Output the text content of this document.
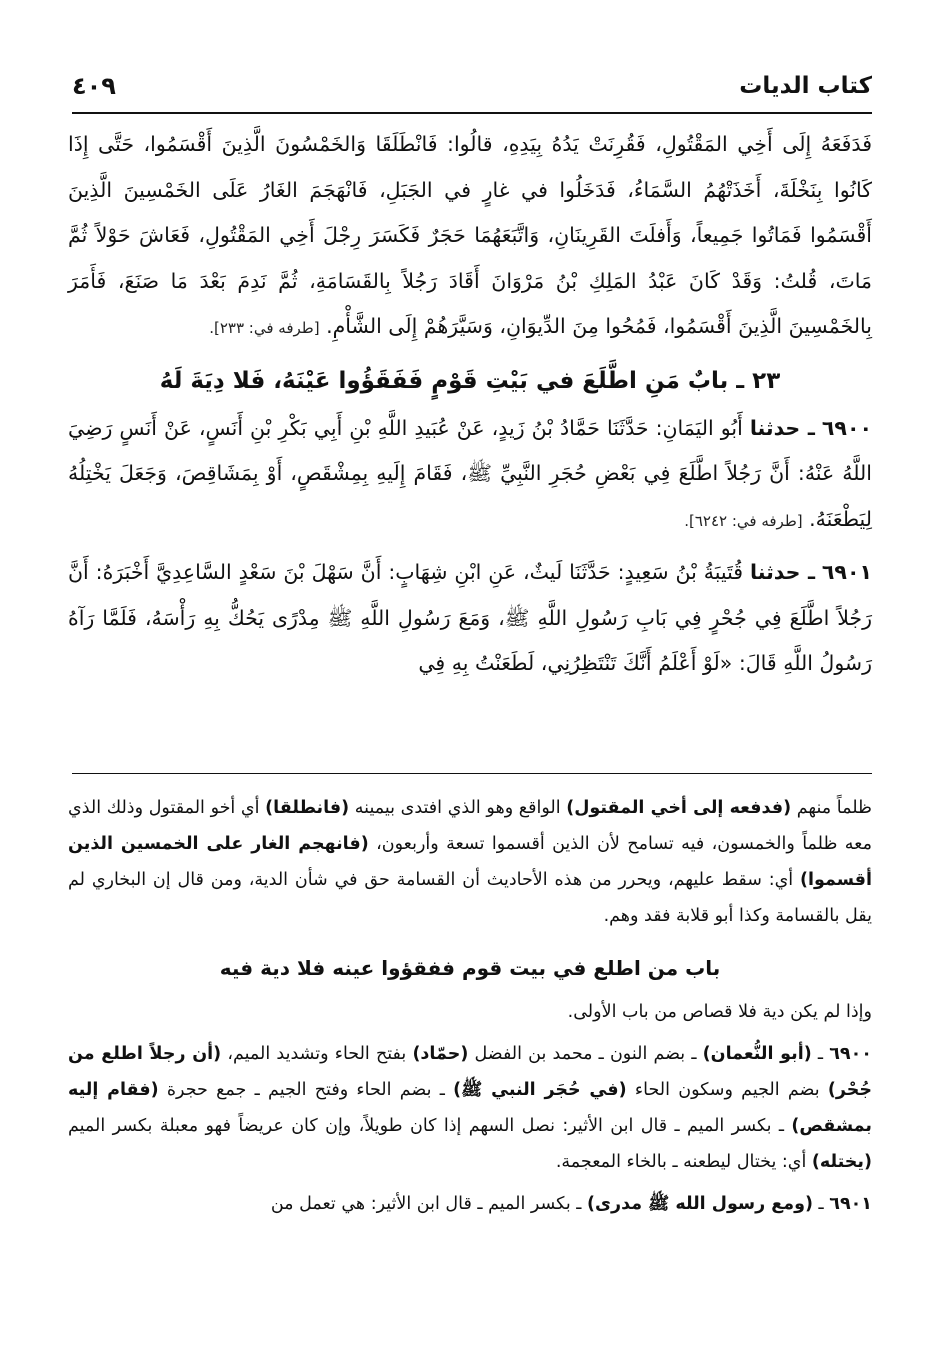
٤٠٩	كتاب الديات

فَدَفَعَهُ إِلَى أَخِي المَقْتُولِ، فَقُرِنَتْ يَدُهُ بِيَدِهِ، قالُوا: فَانْطَلَقَا وَالخَمْسُونَ الَّذِينَ أَقْسَمُوا، حَتَّى إِذَا كَانُوا بِنَخْلَةَ، أَخَذَتْهُمُ السَّمَاءُ، فَدَخَلُوا في غارٍ في الجَبَلِ، فَانْهَجَمَ الغَارُ عَلَى الخَمْسِينَ الَّذِينَ أَقْسَمُوا فَمَاتُوا جَمِيعاً، وَأَفلَتَ القَرِينَانِ، وَاتَّبَعَهُمَا حَجَرٌ فَكَسَرَ رِجْلَ أَخِي المَقْتُولِ، فَعَاشَ حَوْلاً ثُمَّ مَاتَ، قُلتُ: وَقَدْ كَانَ عَبْدُ المَلِكِ بْنُ مَرْوَانَ أَقَادَ رَجُلاً بِالقَسَامَةِ، ثُمَّ نَدِمَ بَعْدَ مَا صَنَعَ، فَأَمَرَ بِالخَمْسِينَ الَّذِينَ أَقْسَمُوا، فَمُحُوا مِنَ الدِّيوَانِ، وَسَيَّرَهُمْ إِلَى الشَّأْمِ. [طرفه في: ٢٣٣].

٢٣ ـ بابٌ مَنِ اطَّلَعَ في بَيْتِ قَوْمٍ فَفَقَؤُوا عَيْنَهُ، فَلا دِيَةَ لَهُ

٦٩٠٠ ـ حدثنا أَبُو اليَمَانِ: حَدَّثَنَا حَمَّادُ بْنُ زَيدٍ، عَنْ عُبَيدِ اللَّهِ بْنِ أَبِي بَكْرِ بْنِ أَنَسٍ، عَنْ أَنَسٍ رَضِيَ اللَّهُ عَنْهُ: أَنَّ رَجُلاً اطَّلَعَ فِي بَعْضِ حُجَرِ النَّبِيِّ ﷺ، فَقَامَ إِلَيهِ بِمِشْقَصٍ، أَوْ بِمَشَاقِصَ، وَجَعَلَ يَخْتِلُهُ لِيَطْعَنَهُ. [طرفه في: ٦٢٤٢].

٦٩٠١ ـ حدثنا قُتَيبَةُ بْنُ سَعِيدٍ: حَدَّثَنَا لَيثٌ، عَنِ ابْنِ شِهَابٍ: أَنَّ سَهْلَ بْنَ سَعْدٍ السَّاعِدِيَّ أَخْبَرَهُ: أَنَّ رَجُلاً اطَّلَعَ فِي جُحْرٍ فِي بَابِ رَسُولِ اللَّهِ ﷺ، وَمَعَ رَسُولِ اللَّهِ ﷺ مِدْرًى يَحُكُّ بِهِ رَأْسَهُ، فَلَمَّا رَآهُ رَسُولُ اللَّهِ قَالَ: «لَوْ أَعْلَمُ أَنَّكَ تَنْتَظِرُنِي، لَطَعَنْتُ بِهِ فِي

ظلماً منهم (فدفعه إلى أخي المقتول) الواقع وهو الذي افتدى بيمينه (فانطلقا) أي أخو المقتول وذلك الذي معه ظلماً والخمسون، فيه تسامح لأن الذين أقسموا تسعة وأربعون، (فانهجم الغار على الخمسين الذين أقسموا) أي: سقط عليهم، ويحرر من هذه الأحاديث أن القسامة حق في شأن الدية، ومن قال إن البخاري لم يقل بالقسامة وكذا أبو قلابة فقد وهم.

باب من اطلع في بيت قوم ففقؤوا عينه فلا دية فيه

وإذا لم يكن دية فلا قصاص من باب الأولى.

٦٩٠٠ ـ (أبو النُّعمان) ـ بضم النون ـ محمد بن الفضل (حمّاد) بفتح الحاء وتشديد الميم، (أن رجلاً اطلع من جُحْر) بضم الجيم وسكون الحاء (في حُجَر النبي ﷺ) ـ بضم الحاء وفتح الجيم ـ جمع حجرة (فقام إليه بمشقص) ـ بكسر الميم ـ قال ابن الأثير: نصل السهم إذا كان طويلاً، وإن كان عريضاً فهو معبلة بكسر الميم (يختله) أي: يختال ليطعنه ـ بالخاء المعجمة.

٦٩٠١ ـ (ومع رسول الله ﷺ مدرى) ـ بكسر الميم ـ قال ابن الأثير: هي تعمل من
